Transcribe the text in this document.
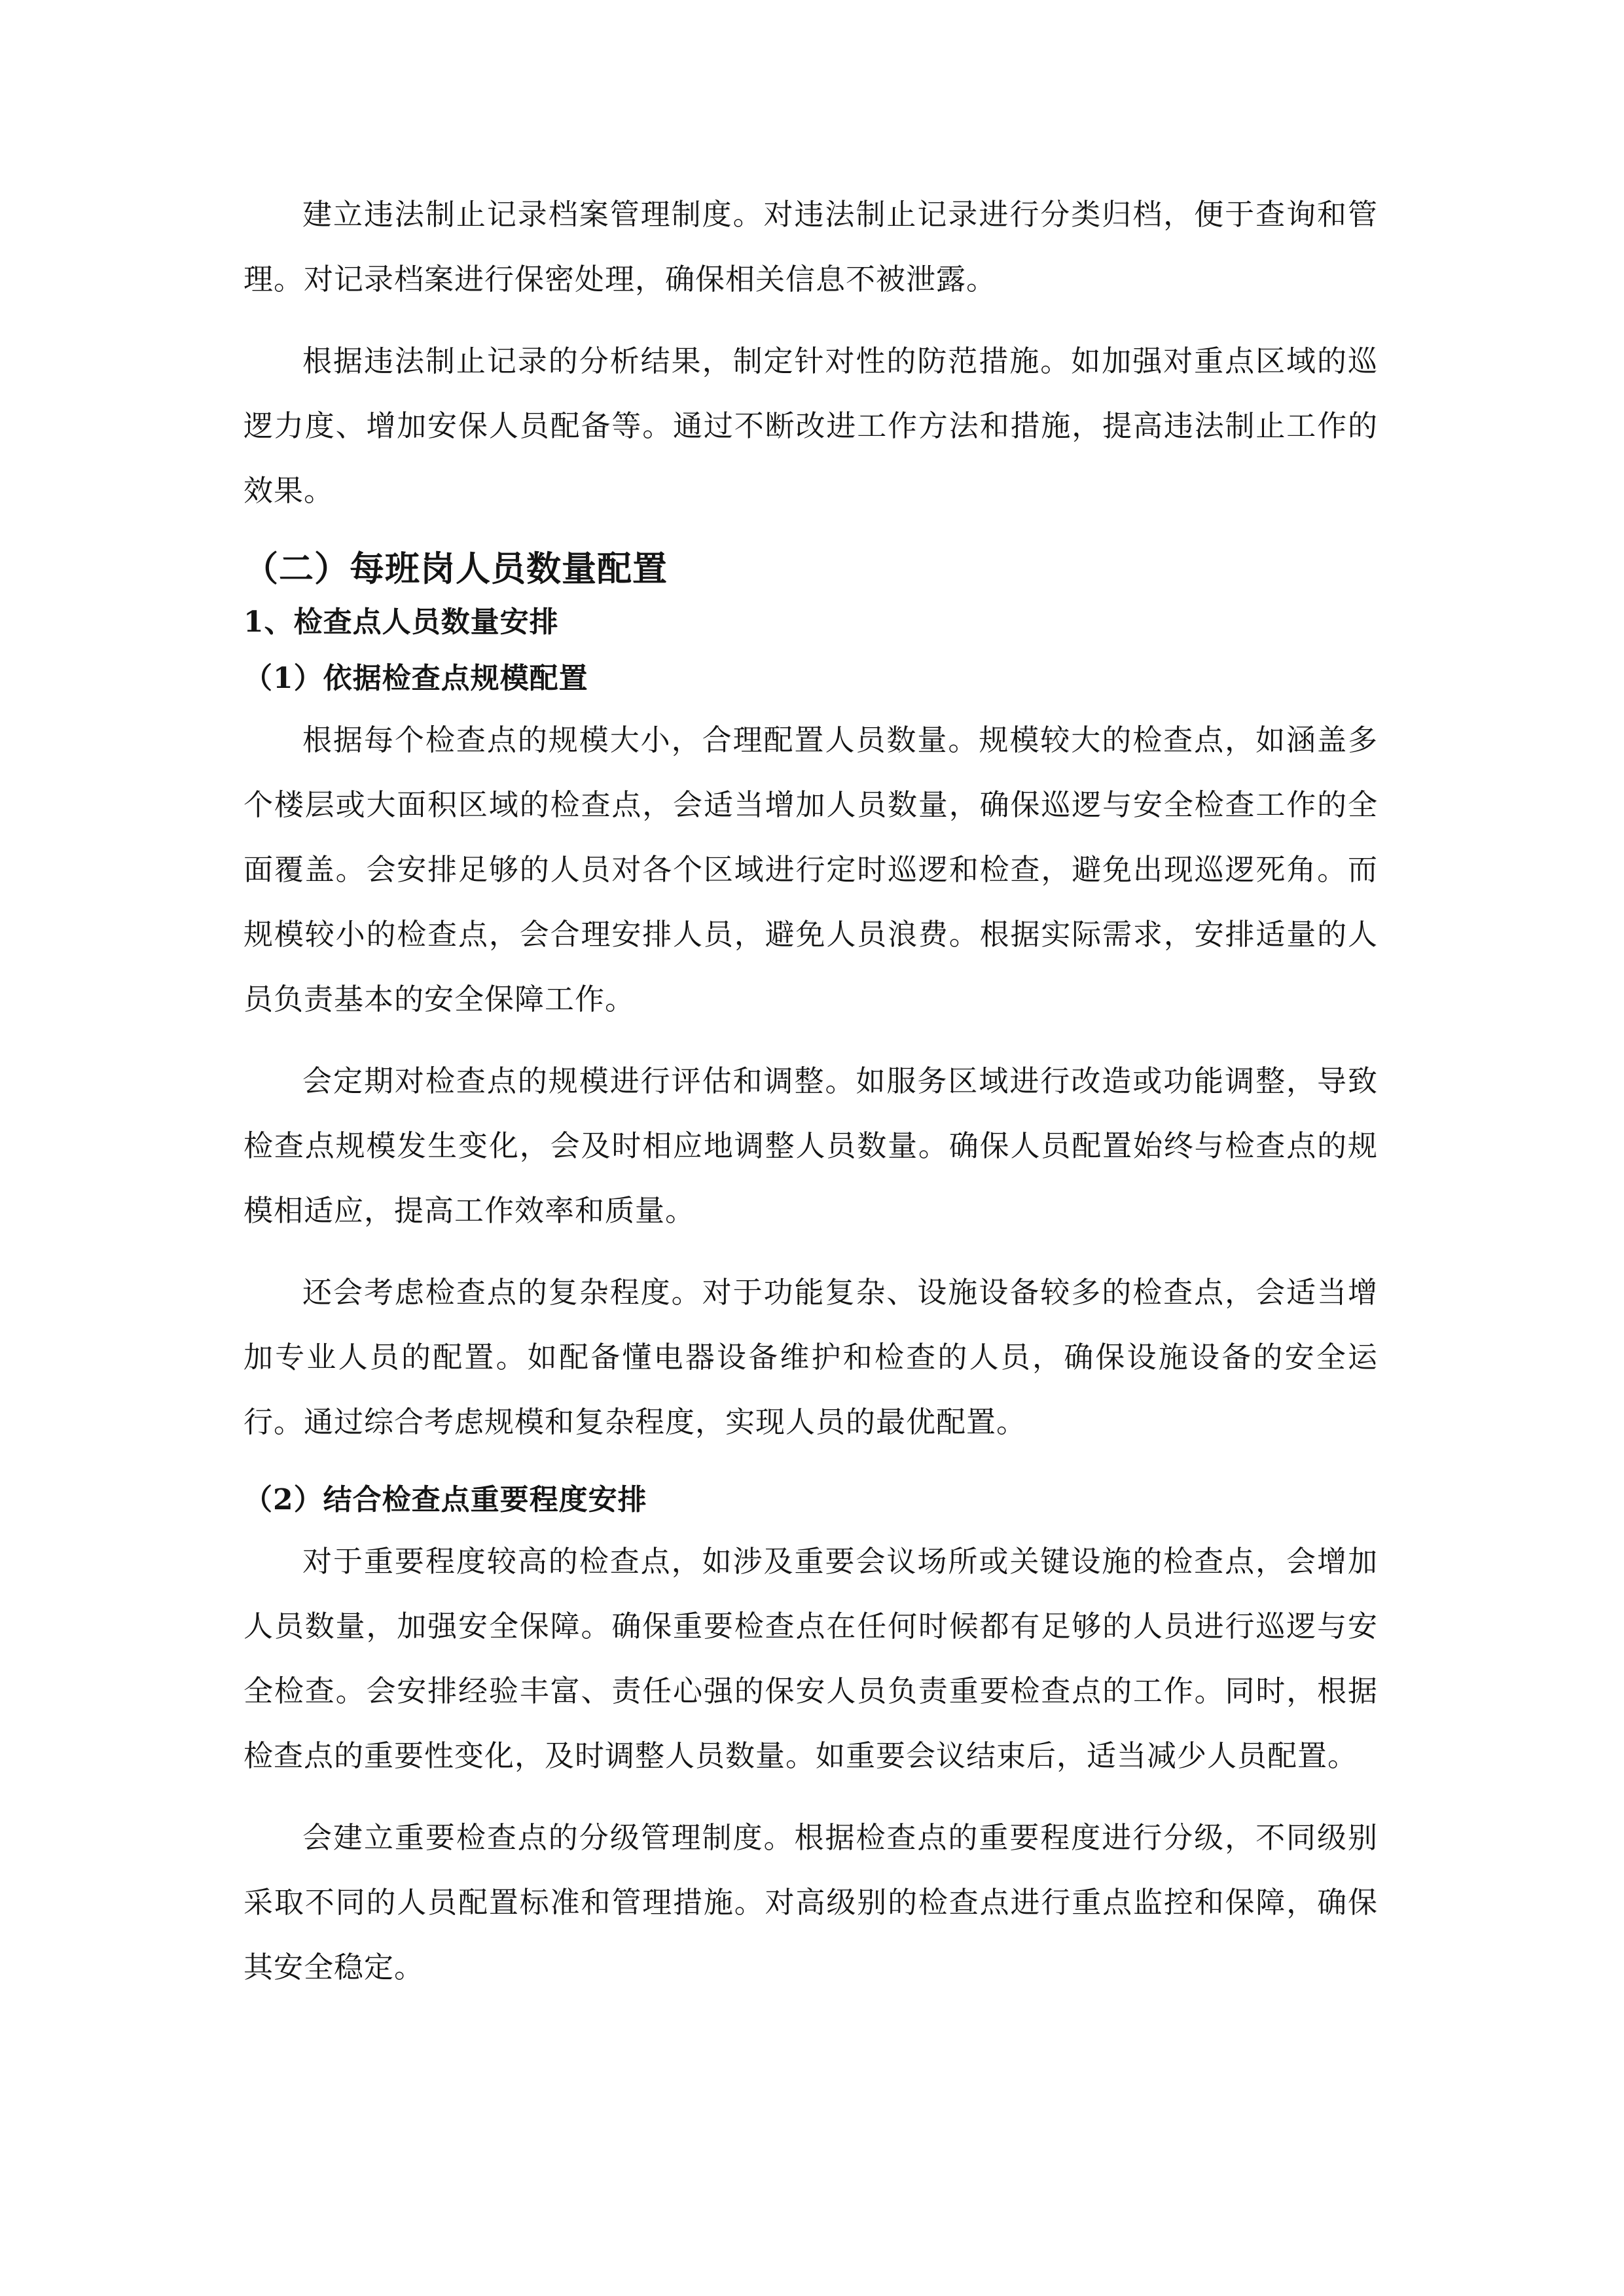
建立违法制止记录档案管理制度。对违法制止记录进行分类归档，便于查询和管理。对记录档案进行保密处理，确保相关信息不被泄露。

根据违法制止记录的分析结果，制定针对性的防范措施。如加强对重点区域的巡逻力度、增加安保人员配备等。通过不断改进工作方法和措施，提高违法制止工作的效果。

（二）每班岗人员数量配置
1、检查点人员数量安排
（1）依据检查点规模配置

根据每个检查点的规模大小，合理配置人员数量。规模较大的检查点，如涵盖多个楼层或大面积区域的检查点，会适当增加人员数量，确保巡逻与安全检查工作的全面覆盖。会安排足够的人员对各个区域进行定时巡逻和检查，避免出现巡逻死角。而规模较小的检查点，会合理安排人员，避免人员浪费。根据实际需求，安排适量的人员负责基本的安全保障工作。

会定期对检查点的规模进行评估和调整。如服务区域进行改造或功能调整，导致检查点规模发生变化，会及时相应地调整人员数量。确保人员配置始终与检查点的规模相适应，提高工作效率和质量。

还会考虑检查点的复杂程度。对于功能复杂、设施设备较多的检查点，会适当增加专业人员的配置。如配备懂电器设备维护和检查的人员，确保设施设备的安全运行。通过综合考虑规模和复杂程度，实现人员的最优配置。

（2）结合检查点重要程度安排

对于重要程度较高的检查点，如涉及重要会议场所或关键设施的检查点，会增加人员数量，加强安全保障。确保重要检查点在任何时候都有足够的人员进行巡逻与安全检查。会安排经验丰富、责任心强的保安人员负责重要检查点的工作。同时，根据检查点的重要性变化，及时调整人员数量。如重要会议结束后，适当减少人员配置。

会建立重要检查点的分级管理制度。根据检查点的重要程度进行分级，不同级别采取不同的人员配置标准和管理措施。对高级别的检查点进行重点监控和保障，确保其安全稳定。
